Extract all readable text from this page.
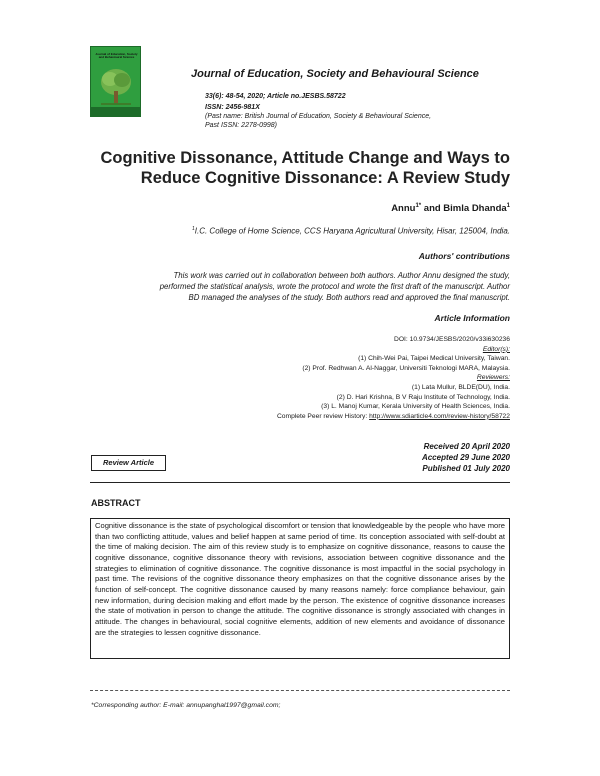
Journal of Education, Society and Behavioural Science
Journal of Education, Society and Behavioural Science
33(6): 48-54, 2020; Article no.JESBS.58722
ISSN: 2456-981X
(Past name: British Journal of Education, Society & Behavioural Science,
Past ISSN: 2278-0998)
Cognitive Dissonance, Attitude Change and Ways to
Reduce Cognitive Dissonance: A Review Study
Annu$^{1*}$ and Bimla Dhanda$^1$
$^1$I.C. College of Home Science, CCS Haryana Agricultural University, Hisar, 125004, India.
Authors' contributions
This work was carried out in collaboration between both authors. Author Annu designed the study,
performed the statistical analysis, wrote the protocol and wrote the first draft of the manuscript. Author
BD managed the analyses of the study. Both authors read and approved the final manuscript.
Article Information
DOI: 10.9734/JESBS/2020/v33i630236
Editor(s):
(1) Chih-Wei Pai, Taipei Medical University, Taiwan.
(2) Prof. Redhwan A. Al-Naggar, Universiti Teknologi MARA, Malaysia.
Reviewers:
(1) Lata Mullur, BLDE(DU), India.
(2) D. Hari Krishna, B V Raju Institute of Technology, India.
(3) L. Manoj Kumar, Kerala University of Health Sciences, India.
Complete Peer review History: http://www.sdiarticle4.com/review-history/58722
Received 20 April 2020
Accepted 29 June 2020
Published 01 July 2020
Review Article
ABSTRACT
Cognitive dissonance is the state of psychological discomfort or tension that knowledgeable by the people who have more than two conflicting attitude, values and belief happen at same period of time. Its conception associated with self-doubt at the time of making decision. The aim of this review study is to emphasize on cognitive dissonance, reasons to cause the cognitive dissonance, cognitive dissonance theory with revisions, association between cognitive dissonance and the strategies to elimination of cognitive dissonance. The cognitive dissonance is most impactful in the social psychology in past time. The revisions of the cognitive dissonance theory emphasizes on that the cognitive dissonance arises by the function of self-concept. The cognitive dissonance caused by many reasons namely: force compliance behaviour, gain new information, during decision making and effort made by the person. The existence of cognitive dissonance increases the state of motivation in person to change the attitude. The cognitive dissonance is strongly associated with changes in attitude. The changes in behavioural, social cognitive elements, addition of new elements and avoidance of dissonance are the strategies to lessen cognitive dissonance.
*Corresponding author: E-mail: annupanghal1997@gmail.com;
